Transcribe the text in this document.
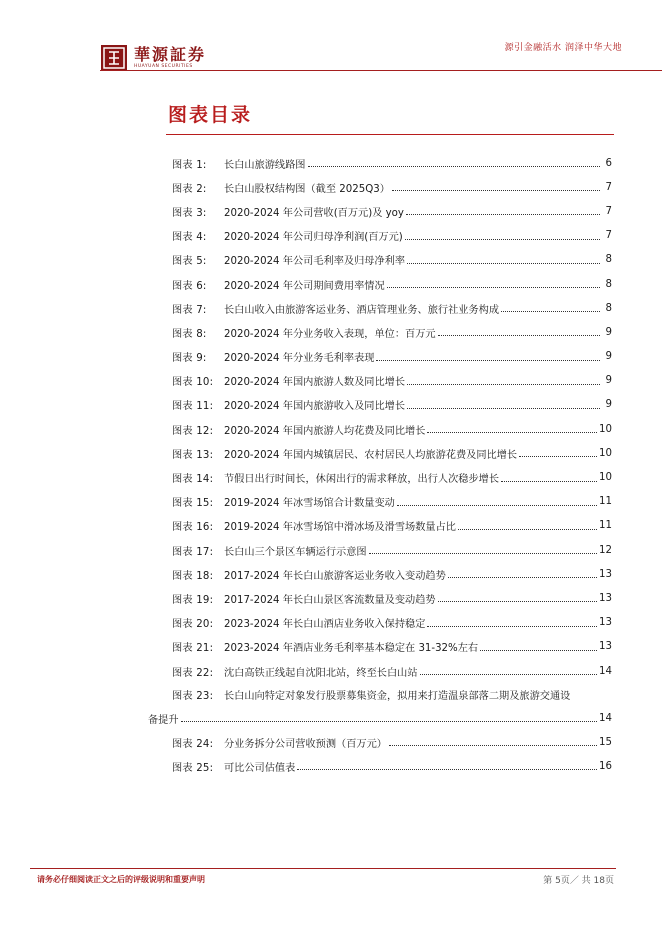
華源証券
HUAYUAN SECURITIES
源引金融活水 润泽中华大地
图表目录
图表 1:	长白山旅游线路图	6
图表 2:	长白山股权结构图（截至 2025Q3）	7
图表 3:	2020-2024 年公司营收(百万元)及 yoy	7
图表 4:	2020-2024 年公司归母净利润(百万元)	7
图表 5:	2020-2024 年公司毛利率及归母净利率	8
图表 6:	2020-2024 年公司期间费用率情况	8
图表 7:	长白山收入由旅游客运业务、酒店管理业务、旅行社业务构成	8
图表 8:	2020-2024 年分业务收入表现，单位：百万元	9
图表 9:	2020-2024 年分业务毛利率表现	9
图表 10:	2020-2024 年国内旅游人数及同比增长	9
图表 11:	2020-2024 年国内旅游收入及同比增长	9
图表 12:	2020-2024 年国内旅游人均花费及同比增长	10
图表 13:	2020-2024 年国内城镇居民、农村居民人均旅游花费及同比增长	10
图表 14:	节假日出行时间长，休闲出行的需求释放，出行人次稳步增长	10
图表 15:	2019-2024 年冰雪场馆合计数量变动	11
图表 16:	2019-2024 年冰雪场馆中滑冰场及滑雪场数量占比	11
图表 17:	长白山三个景区车辆运行示意图	12
图表 18:	2017-2024 年长白山旅游客运业务收入变动趋势	13
图表 19:	2017-2024 年长白山景区客流数量及变动趋势	13
图表 20:	2023-2024 年长白山酒店业务收入保持稳定	13
图表 21:	2023-2024 年酒店业务毛利率基本稳定在 31-32%左右	13
图表 22:	沈白高铁正线起自沈阳北站，终至长白山站	14
图表 23:	长白山向特定对象发行股票募集资金，拟用来打造温泉部落二期及旅游交通设
备提升	14
图表 24:	分业务拆分公司营收预测（百万元）	15
图表 25:	可比公司估值表	16
请务必仔细阅读正文之后的评级说明和重要声明	第 5页／ 共 18页
